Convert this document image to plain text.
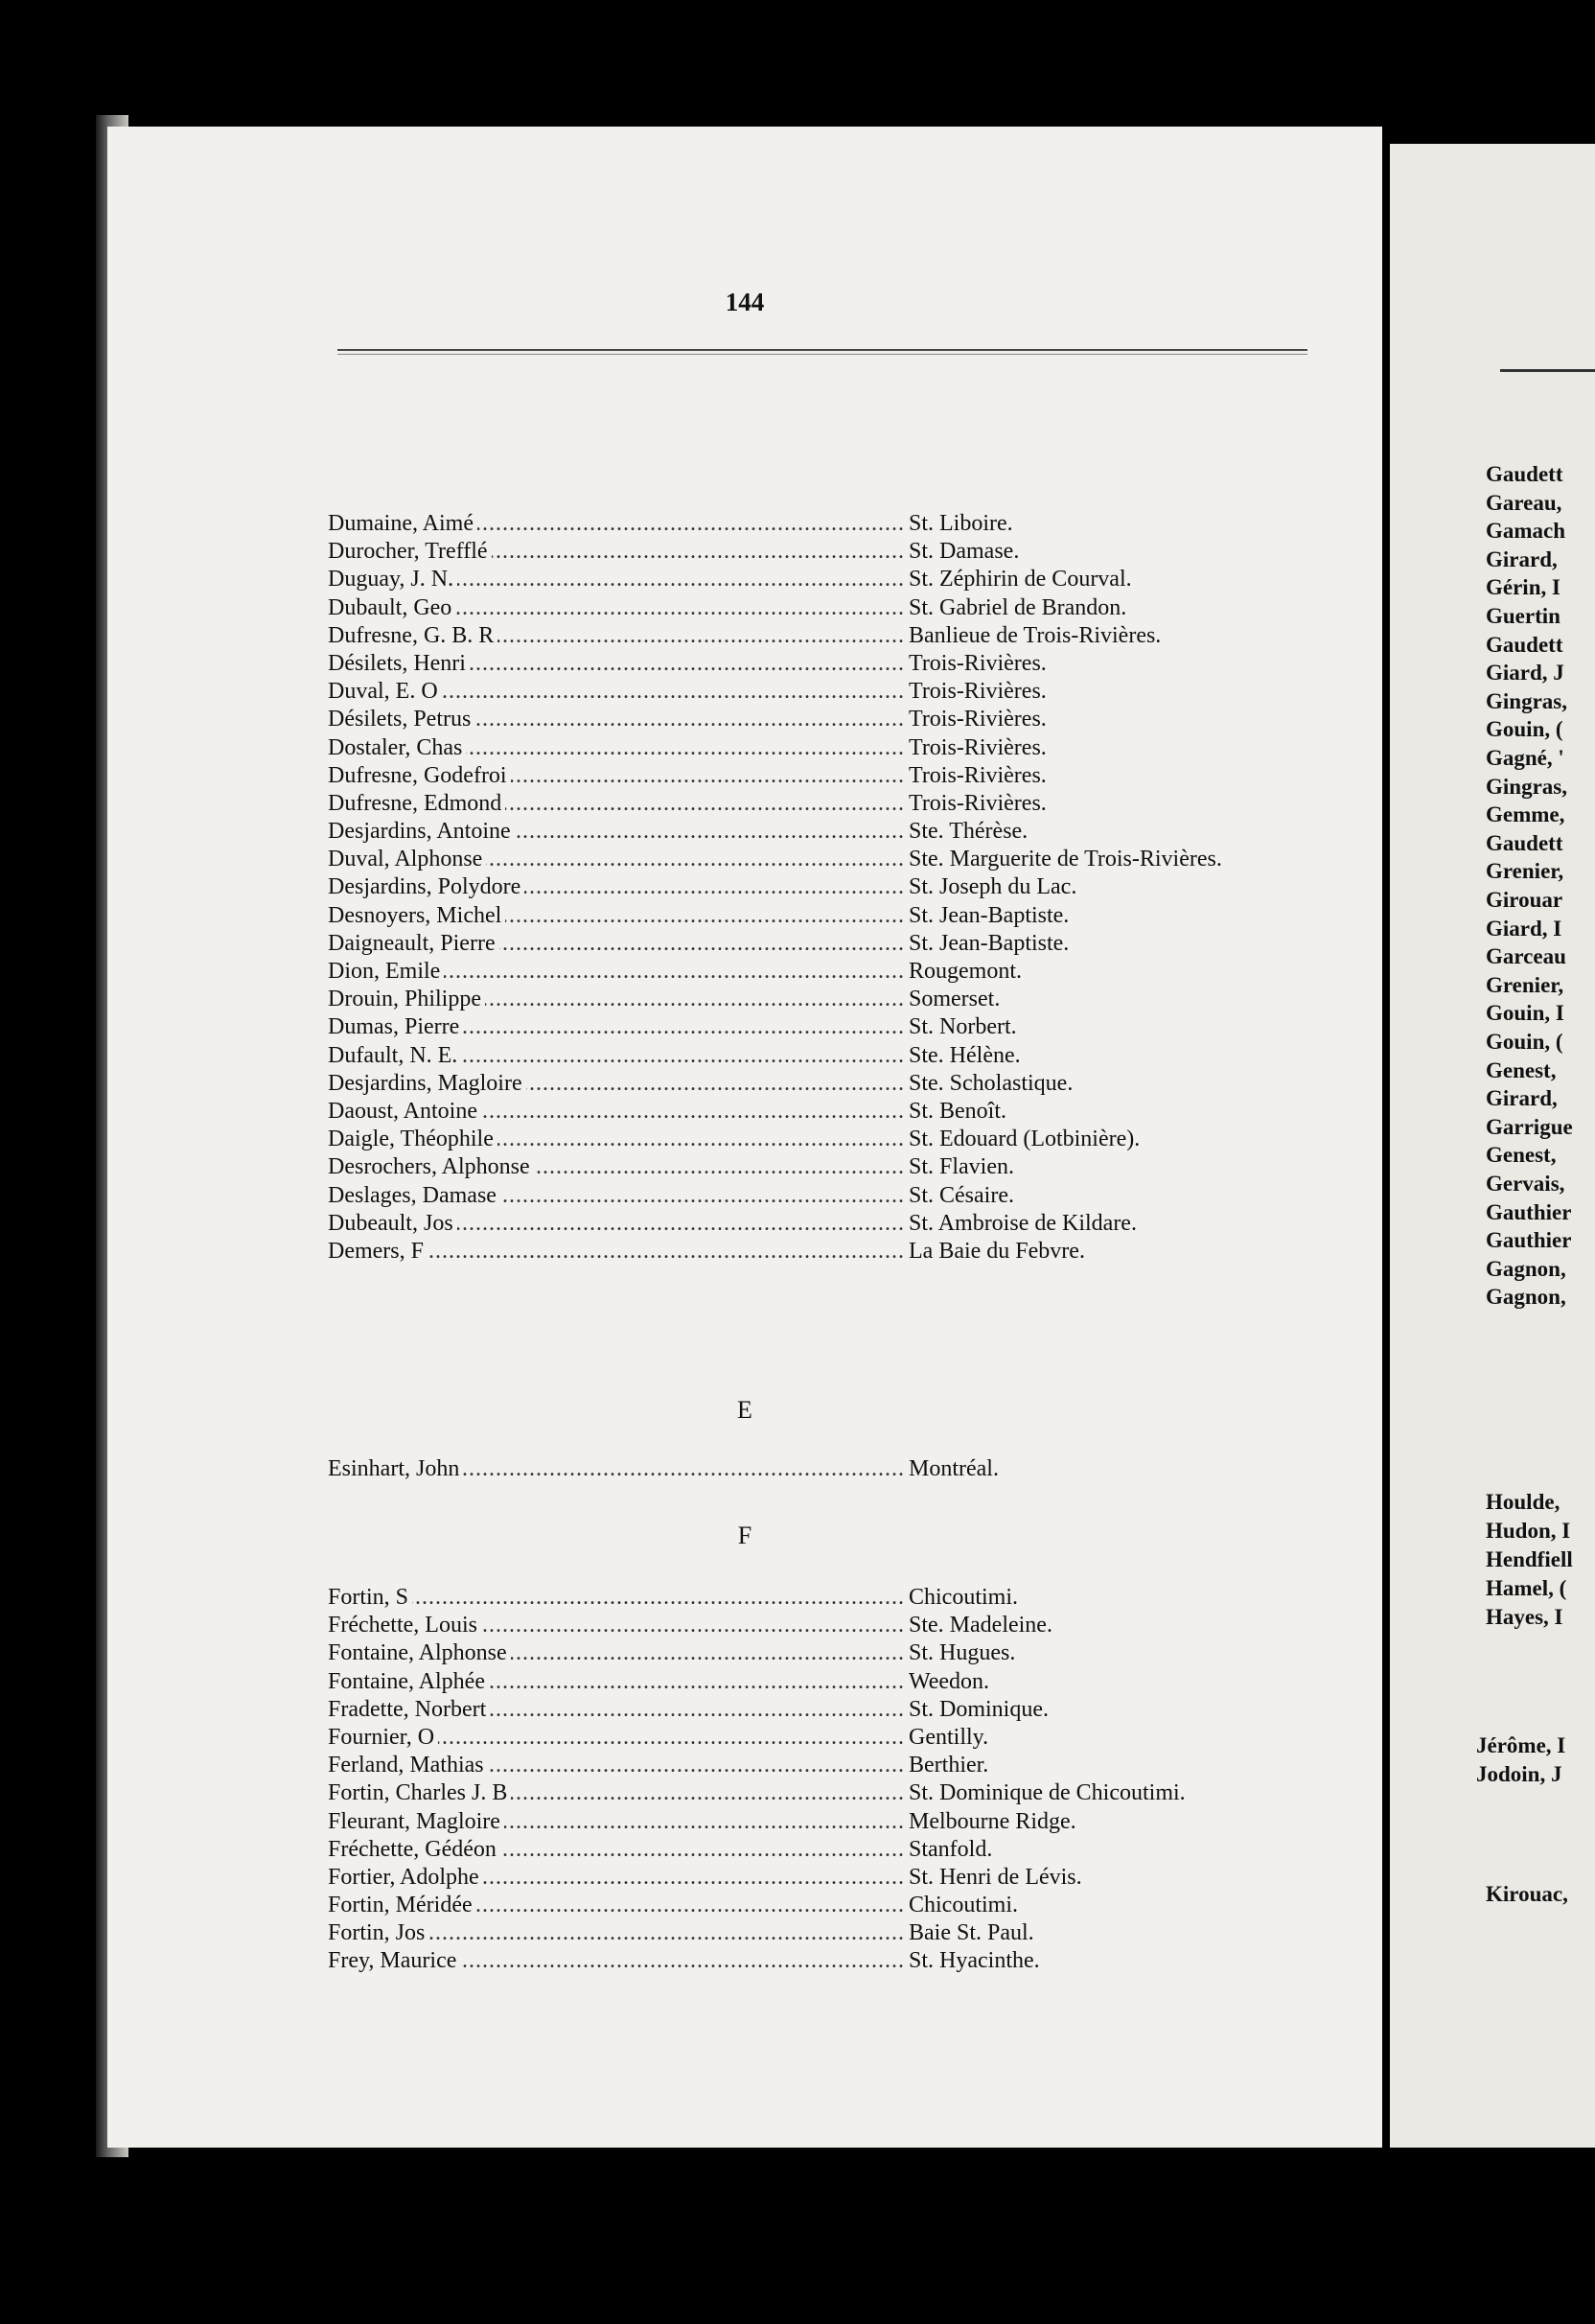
144
.....
Dumaine, Aimé	St. Liboire.
.....
Durocher, Trefflé	St. Damase.
.....
Duguay, J. N.	St. Zéphirin de Courval.
.....
Dubault, Geo	St. Gabriel de Brandon.
.....
Dufresne, G. B. R	Banlieue de Trois-Rivières.
.....
Désilets, Henri	Trois-Rivières.
.....
Duval, E. O	Trois-Rivières.
.....
Désilets, Petrus	Trois-Rivières.
.....
Dostaler, Chas	Trois-Rivières.
.....
Dufresne, Godefroi	Trois-Rivières.
.....
Dufresne, Edmond	Trois-Rivières.
.....
Desjardins, Antoine	Ste. Thérèse.
.....
Duval, Alphonse	Ste. Marguerite de Trois-Rivières.
.....
Desjardins, Polydore	St. Joseph du Lac.
.....
Desnoyers, Michel	St. Jean-Baptiste.
.....
Daigneault, Pierre	St. Jean-Baptiste.
.....
Dion, Emile	Rougemont.
.....
Drouin, Philippe	Somerset.
.....
Dumas, Pierre	St. Norbert.
.....
Dufault, N. E.	Ste. Hélène.
.....
Desjardins, Magloire	Ste. Scholastique.
.....
Daoust, Antoine	St. Benoît.
.....
Daigle, Théophile	St. Edouard (Lotbinière).
.....
Desrochers, Alphonse	St. Flavien.
.....
Deslages, Damase	St. Césaire.
.....
Dubeault, Jos	St. Ambroise de Kildare.
.....
Demers, F	La Baie du Febvre.
E
.....
Esinhart, John	Montréal.
F
.....
Fortin, S	Chicoutimi.
.....
Fréchette, Louis	Ste. Madeleine.
.....
Fontaine, Alphonse	St. Hugues.
.....
Fontaine, Alphée	Weedon.
.....
Fradette, Norbert	St. Dominique.
.....
Fournier, O	Gentilly.
.....
Ferland, Mathias	Berthier.
.....
Fortin, Charles J. B	St. Dominique de Chicoutimi.
.....
Fleurant, Magloire	Melbourne Ridge.
.....
Fréchette, Gédéon	Stanfold.
.....
Fortier, Adolphe	St. Henri de Lévis.
.....
Fortin, Méridée	Chicoutimi.
.....
Fortin, Jos	Baie St. Paul.
.....
Frey, Maurice	St. Hyacinthe.
Gaudett
Gareau,
Gamach
Girard,
Gérin, I
Guertin
Gaudett
Giard, J
Gingras,
Gouin, (
Gagné, '
Gingras,
Gemme,
Gaudett
Grenier,
Girouar
Giard, I
Garceau
Grenier,
Gouin, I
Gouin, (
Genest,
Girard,
Garrigue
Genest,
Gervais,
Gauthier
Gauthier
Gagnon,
Gagnon,
Houlde,
Hudon, I
Hendfiell
Hamel, (
Hayes, I
Jérôme, I
Jodoin, J
Kirouac,
